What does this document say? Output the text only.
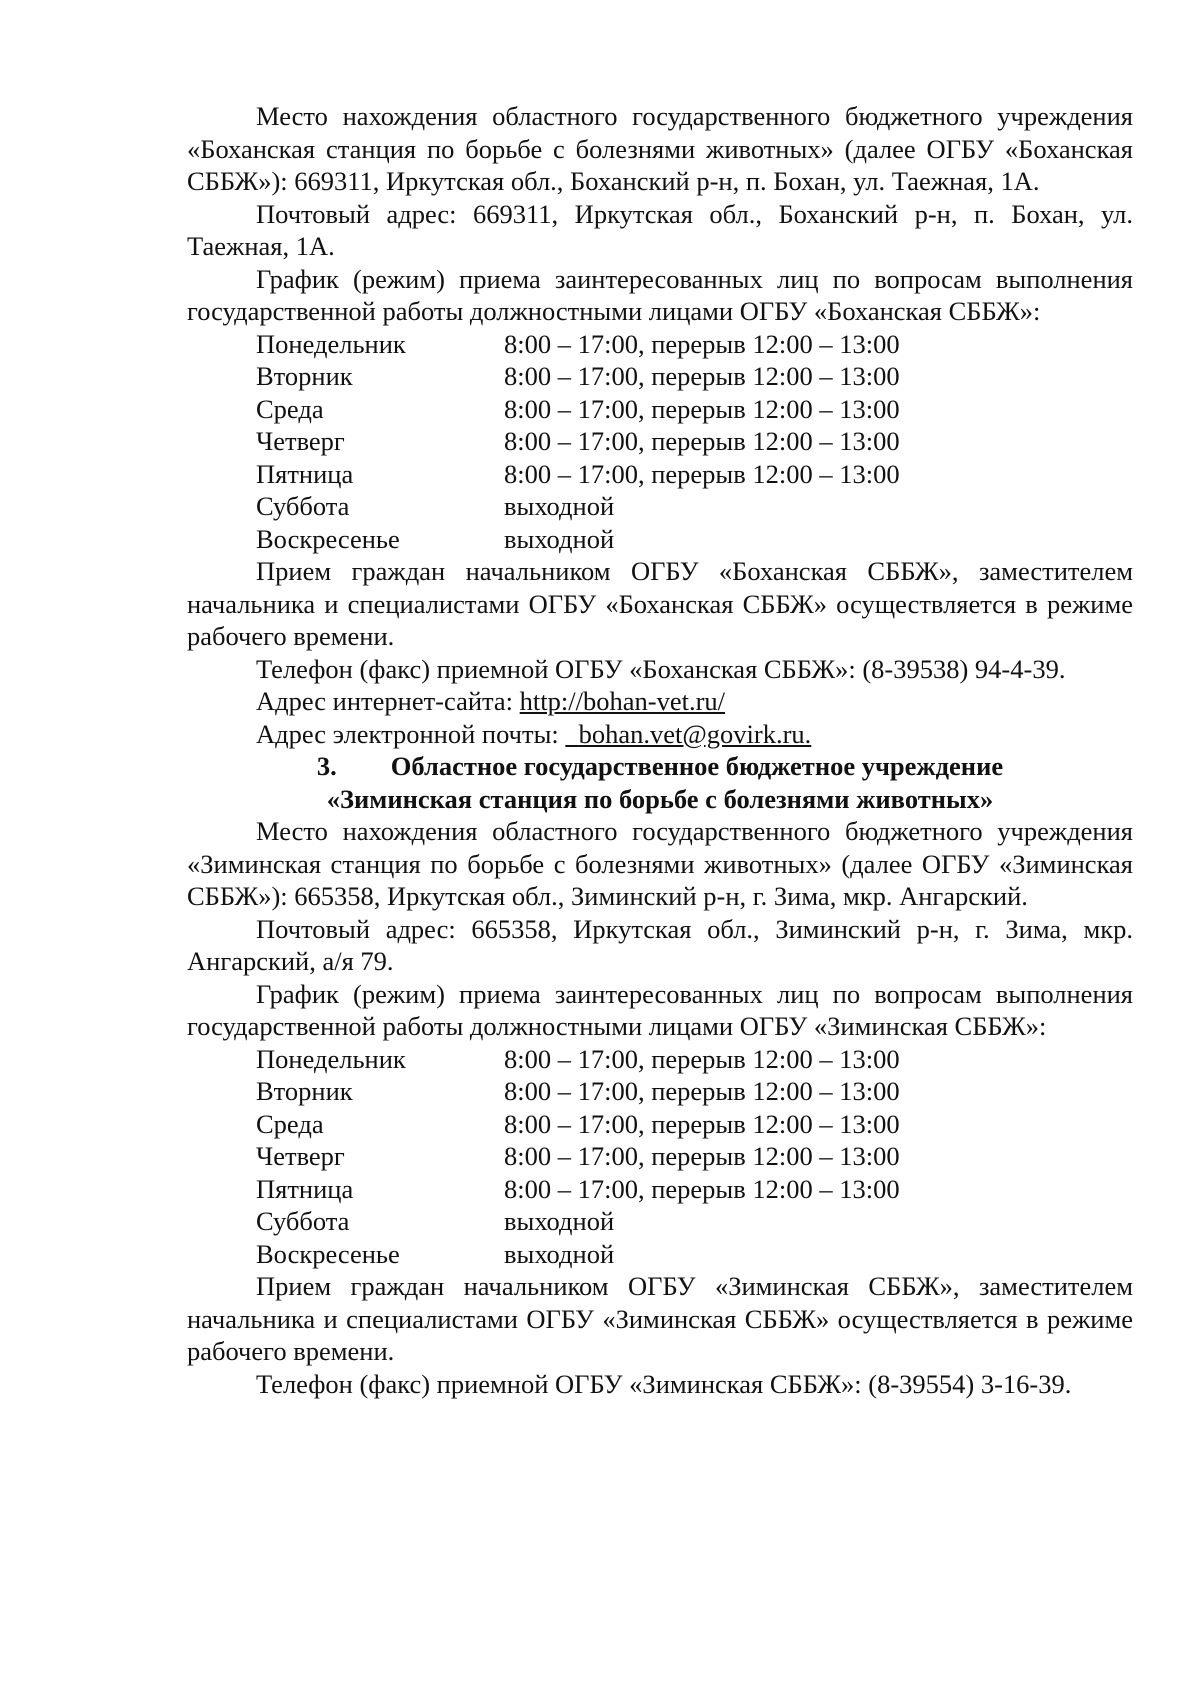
Место нахождения областного государственного бюджетного учреждения «Боханская станция по борьбе с болезнями животных» (далее ОГБУ «Боханская СББЖ»): 669311, Иркутская обл., Боханский р-н, п. Бохан, ул. Таежная, 1А.

Почтовый адрес: 669311, Иркутская обл., Боханский р-н, п. Бохан, ул. Таежная, 1А.

График (режим) приема заинтересованных лиц по вопросам выполнения государственной работы должностными лицами ОГБУ «Боханская СББЖ»:

Понедельник	8:00 – 17:00, перерыв 12:00 – 13:00
Вторник	8:00 – 17:00, перерыв 12:00 – 13:00
Среда	8:00 – 17:00, перерыв 12:00 – 13:00
Четверг	8:00 – 17:00, перерыв 12:00 – 13:00
Пятница	8:00 – 17:00, перерыв 12:00 – 13:00
Суббота	выходной
Воскресенье	выходной

Прием граждан начальником ОГБУ «Боханская СББЖ», заместителем начальника и специалистами ОГБУ «Боханская СББЖ» осуществляется в режиме рабочего времени.

Телефон (факс) приемной ОГБУ «Боханская СББЖ»: (8-39538) 94-4-39.

Адрес интернет-сайта: http://bohan-vet.ru/

Адрес электронной почты: bohan.vet@govirk.ru.

3. Областное государственное бюджетное учреждение

«Зиминская станция по борьбе с болезнями животных»

Место нахождения областного государственного бюджетного учреждения «Зиминская станция по борьбе с болезнями животных» (далее ОГБУ «Зиминская СББЖ»): 665358, Иркутская обл., Зиминский р-н, г. Зима, мкр. Ангарский.

Почтовый адрес: 665358, Иркутская обл., Зиминский р-н, г. Зима, мкр. Ангарский, а/я 79.

График (режим) приема заинтересованных лиц по вопросам выполнения государственной работы должностными лицами ОГБУ «Зиминская СББЖ»:

Понедельник	8:00 – 17:00, перерыв 12:00 – 13:00
Вторник	8:00 – 17:00, перерыв 12:00 – 13:00
Среда	8:00 – 17:00, перерыв 12:00 – 13:00
Четверг	8:00 – 17:00, перерыв 12:00 – 13:00
Пятница	8:00 – 17:00, перерыв 12:00 – 13:00
Суббота	выходной
Воскресенье	выходной

Прием граждан начальником ОГБУ «Зиминская СББЖ», заместителем начальника и специалистами ОГБУ «Зиминская СББЖ» осуществляется в режиме рабочего времени.

Телефон (факс) приемной ОГБУ «Зиминская СББЖ»: (8-39554) 3-16-39.
